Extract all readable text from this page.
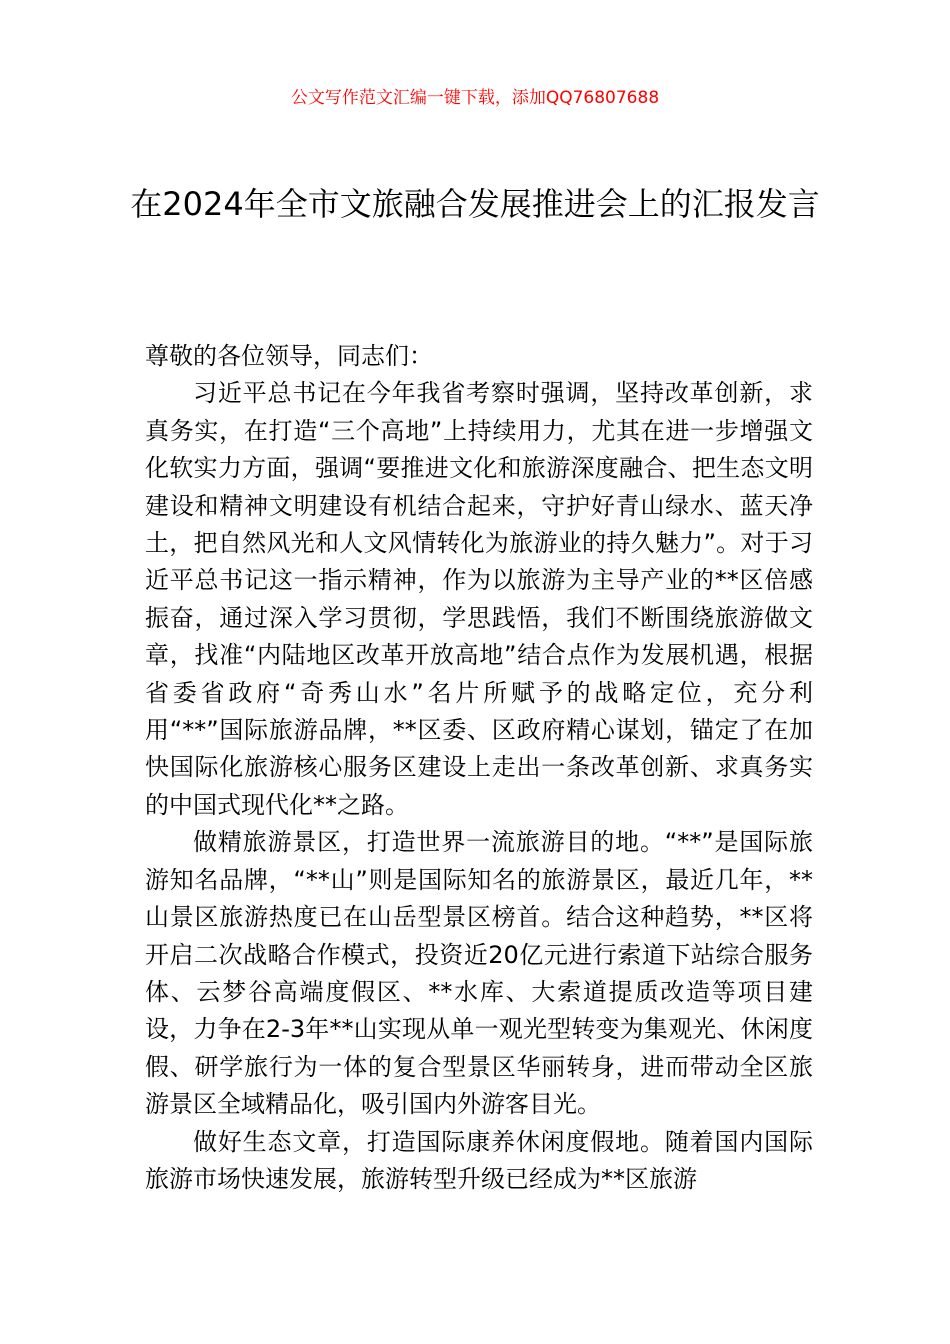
公文写作范文汇编一键下载，添加QQ76807688
在2024年全市文旅融合发展推进会上的汇报发言

尊敬的各位领导，同志们：

习近平总书记在今年我省考察时强调，坚持改革创新，求真务实，在打造“三个高地”上持续用力，尤其在进一步增强文化软实力方面，强调“要推进文化和旅游深度融合、把生态文明建设和精神文明建设有机结合起来，守护好青山绿水、蓝天净土，把自然风光和人文风情转化为旅游业的持久魅力”。对于习近平总书记这一指示精神，作为以旅游为主导产业的**区倍感振奋，通过深入学习贯彻，学思践悟，我们不断围绕旅游做文章，找准“内陆地区改革开放高地”结合点作为发展机遇，根据省委省政府“奇秀山水”名片所赋予的战略定位，充分利用“**”国际旅游品牌，**区委、区政府精心谋划，锚定了在加快国际化旅游核心服务区建设上走出一条改革创新、求真务实的中国式现代化**之路。

做精旅游景区，打造世界一流旅游目的地。“**”是国际旅游知名品牌，“**山”则是国际知名的旅游景区，最近几年，**山景区旅游热度已在山岳型景区榜首。结合这种趋势，**区将开启二次战略合作模式，投资近20亿元进行索道下站综合服务体、云梦谷高端度假区、**水库、大索道提质改造等项目建设，力争在2-3年**山实现从单一观光型转变为集观光、休闲度假、研学旅行为一体的复合型景区华丽转身，进而带动全区旅游景区全域精品化，吸引国内外游客目光。

做好生态文章，打造国际康养休闲度假地。随着国内国际旅游市场快速发展，旅游转型升级已经成为**区旅游
